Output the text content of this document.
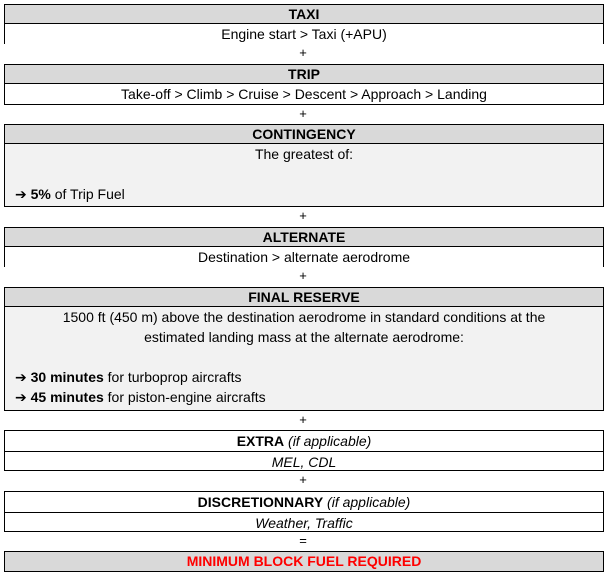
TAXI
Engine start > Taxi (+APU)
+
TRIP
Take-off > Climb > Cruise > Descent > Approach > Landing
+
CONTINGENCY
The greatest of:
➔ 5% of Trip Fuel
+
ALTERNATE
Destination > alternate aerodrome
+
FINAL RESERVE
1500 ft (450 m) above the destination aerodrome in standard conditions at the
estimated landing mass at the alternate aerodrome:
➔ 30 minutes for turboprop aircrafts
➔ 45 minutes for piston-engine aircrafts
+
EXTRA (if applicable)
MEL, CDL
+
DISCRETIONNARY (if applicable)
Weather, Traffic
=
MINIMUM BLOCK FUEL REQUIRED
